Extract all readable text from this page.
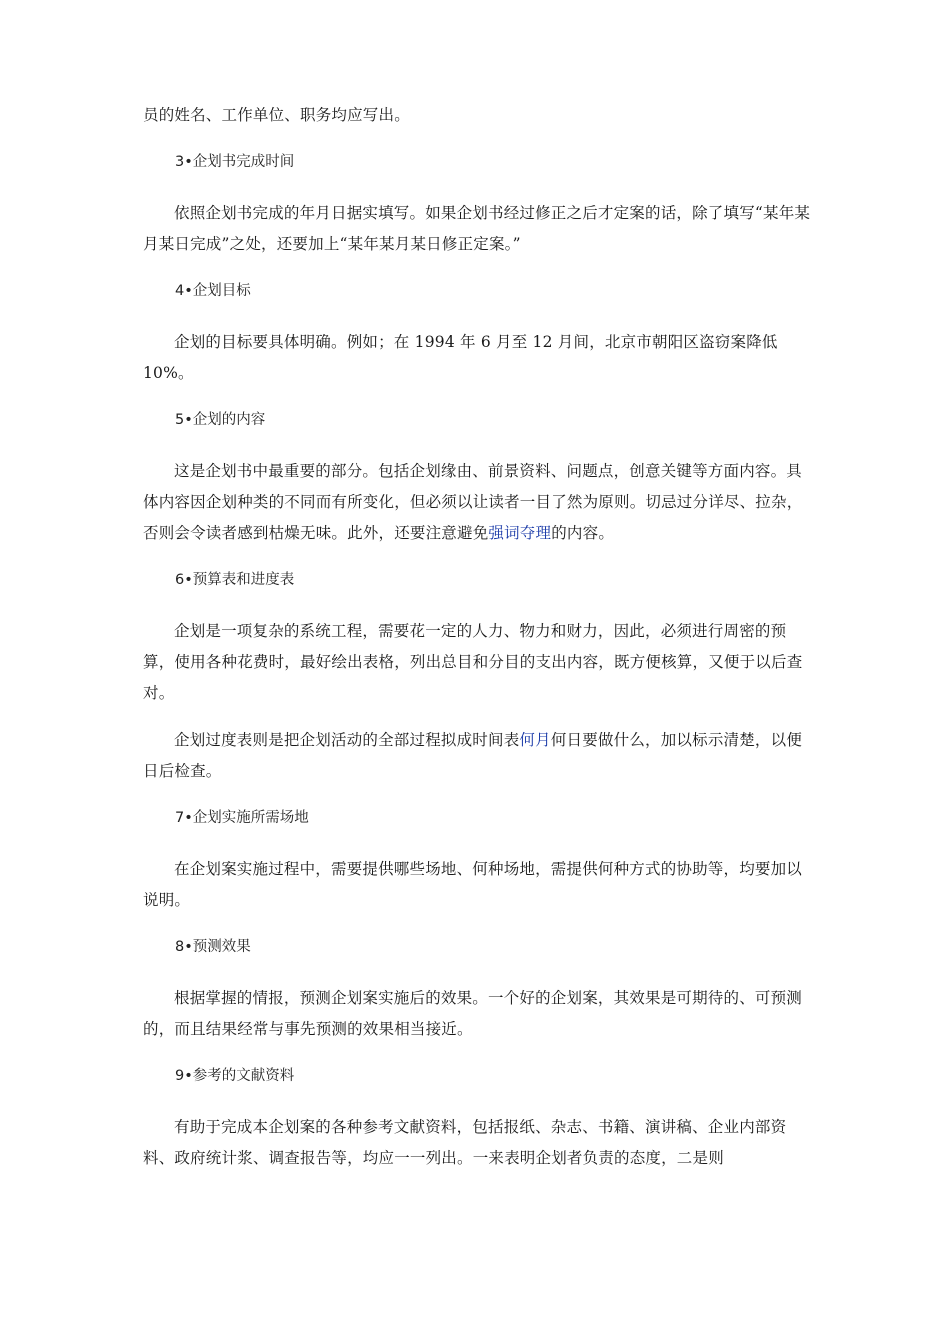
员的姓名、工作单位、职务均应写出。

3•企划书完成时间

依照企划书完成的年月日据实填写。如果企划书经过修正之后才定案的话，除了填写“某年某月某日完成”之处，还要加上“某年某月某日修正定案。”

4•企划目标

企划的目标要具体明确。例如；在 1994 年 6 月至 12 月间，北京市朝阳区盗窃案降低 10%。

5•企划的内容

这是企划书中最重要的部分。包括企划缘由、前景资料、问题点，创意关键等方面内容。具体内容因企划种类的不同而有所变化，但必须以让读者一目了然为原则。切忌过分详尽、拉杂，否则会令读者感到枯燥无味。此外，还要注意避免强词夺理的内容。

6•预算表和进度表

企划是一项复杂的系统工程，需要花一定的人力、物力和财力，因此，必须进行周密的预算，使用各种花费时，最好绘出表格，列出总目和分目的支出内容，既方便核算，又便于以后查对。

企划过度表则是把企划活动的全部过程拟成时间表何月何日要做什么，加以标示清楚，以便日后检查。

7•企划实施所需场地

在企划案实施过程中，需要提供哪些场地、何种场地，需提供何种方式的协助等，均要加以说明。

8•预测效果

根据掌握的情报，预测企划案实施后的效果。一个好的企划案，其效果是可期待的、可预测的，而且结果经常与事先预测的效果相当接近。

9•参考的文献资料

有助于完成本企划案的各种参考文献资料，包括报纸、杂志、书籍、演讲稿、企业内部资料、政府统计浆、调查报告等，均应一一列出。一来表明企划者负责的态度，二是则
